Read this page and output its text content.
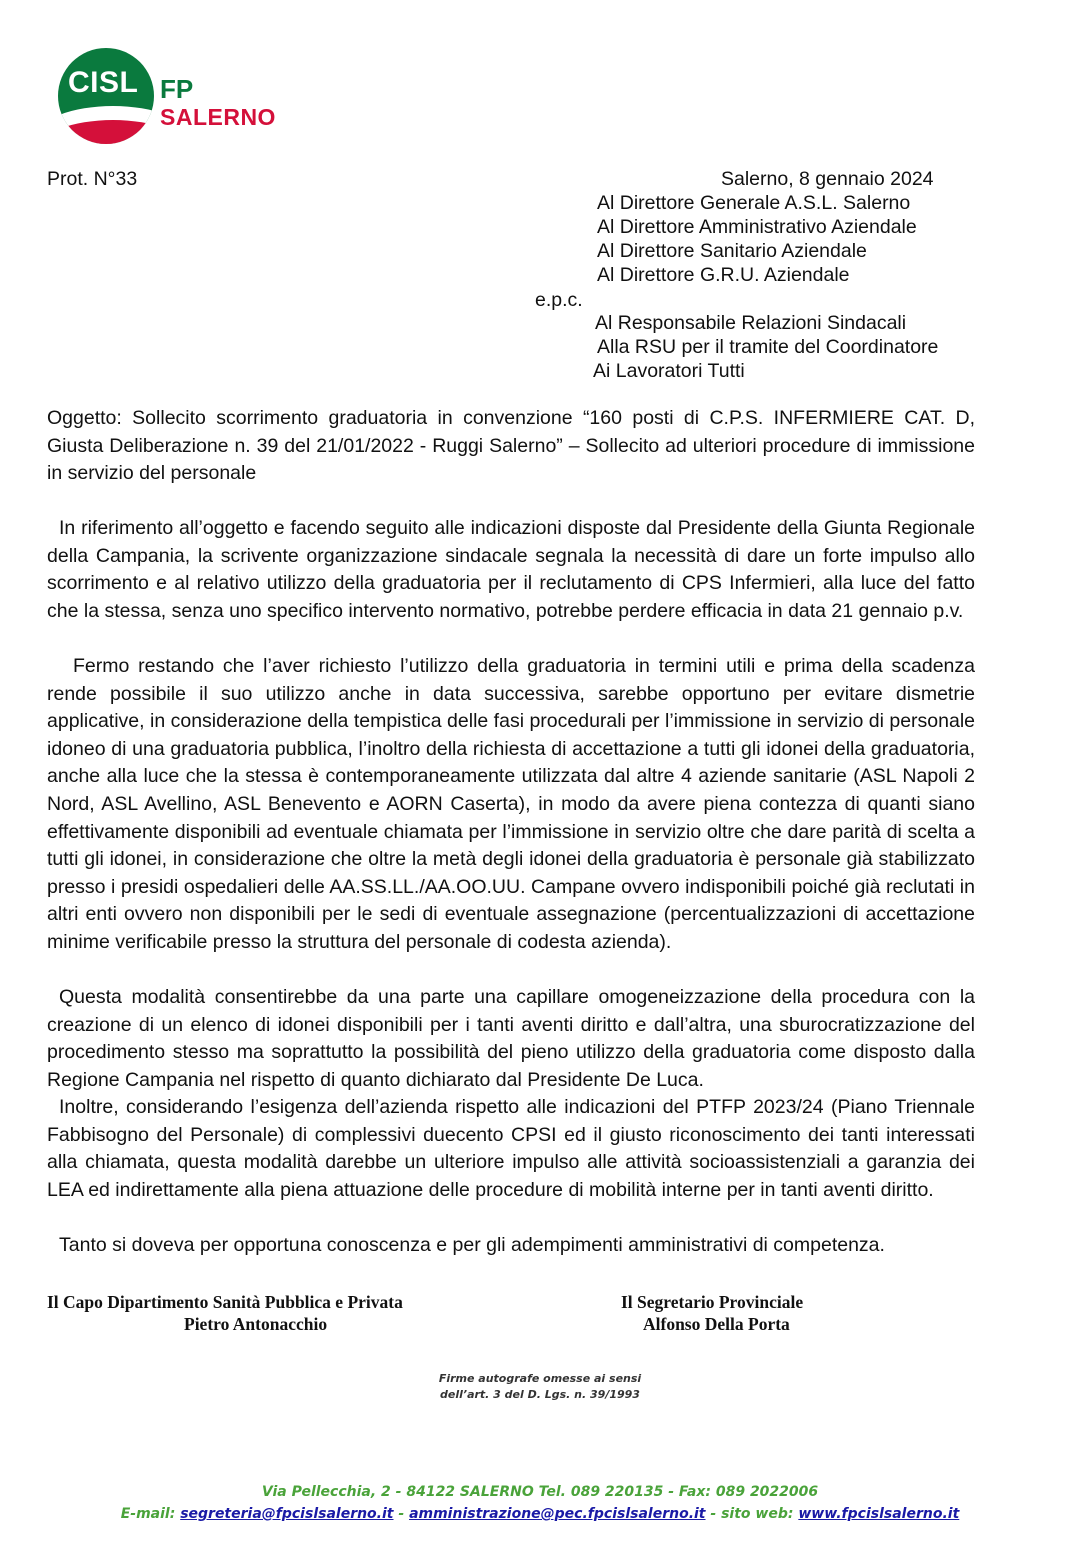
CISL FP
SALERNO
Prot. N°33	Salerno, 8 gennaio 2024
Al Direttore Generale A.S.L. Salerno
Al Direttore Amministrativo Aziendale
Al Direttore Sanitario Aziendale
Al Direttore G.R.U. Aziendale
e.p.c.
Al Responsabile Relazioni Sindacali
Alla RSU per il tramite del Coordinatore
Ai Lavoratori Tutti
Oggetto: Sollecito scorrimento graduatoria in convenzione “160 posti di C.P.S. INFERMIERE CAT. D, Giusta Deliberazione n. 39 del 21/01/2022 - Ruggi Salerno” – Sollecito ad ulteriori procedure di immissione in servizio del personale
In riferimento all’oggetto e facendo seguito alle indicazioni disposte dal Presidente della Giunta Regionale della Campania, la scrivente organizzazione sindacale segnala la necessità di dare un forte impulso allo scorrimento e al relativo utilizzo della graduatoria per il reclutamento di CPS Infermieri, alla luce del fatto che la stessa, senza uno specifico intervento normativo, potrebbe perdere efficacia in data 21 gennaio p.v.
Fermo restando che l’aver richiesto l’utilizzo della graduatoria in termini utili e prima della scadenza rende possibile il suo utilizzo anche in data successiva, sarebbe opportuno per evitare dismetrie applicative, in considerazione della tempistica delle fasi procedurali per l’immissione in servizio di personale idoneo di una graduatoria pubblica, l’inoltro della richiesta di accettazione a tutti gli idonei della graduatoria, anche alla luce che la stessa è contemporaneamente utilizzata dal altre 4 aziende sanitarie (ASL Napoli 2 Nord, ASL Avellino, ASL Benevento e AORN Caserta), in modo da avere piena contezza di quanti siano effettivamente disponibili ad eventuale chiamata per l’immissione in servizio oltre che dare parità di scelta a tutti gli idonei, in considerazione che oltre la metà degli idonei della graduatoria è personale già stabilizzato presso i presidi ospedalieri delle AA.SS.LL./AA.OO.UU. Campane ovvero indisponibili poiché già reclutati in altri enti ovvero non disponibili per le sedi di eventuale assegnazione (percentualizzazioni di accettazione minime verificabile presso la struttura del personale di codesta azienda).
Questa modalità consentirebbe da una parte una capillare omogeneizzazione della procedura con la creazione di un elenco di idonei disponibili per i tanti aventi diritto e dall’altra, una sburocratizzazione del procedimento stesso ma soprattutto la possibilità del pieno utilizzo della graduatoria come disposto dalla Regione Campania nel rispetto di quanto dichiarato dal Presidente De Luca.
Inoltre, considerando l’esigenza dell’azienda rispetto alle indicazioni del PTFP 2023/24 (Piano Triennale Fabbisogno del Personale) di complessivi duecento CPSI ed il giusto riconoscimento dei tanti interessati alla chiamata, questa modalità darebbe un ulteriore impulso alle attività socioassistenziali a garanzia dei LEA ed indirettamente alla piena attuazione delle procedure di mobilità interne per in tanti aventi diritto.
Tanto si doveva per opportuna conoscenza e per gli adempimenti amministrativi di competenza.
Il Capo Dipartimento Sanità Pubblica e Privata
Pietro Antonacchio
Il Segretario Provinciale
Alfonso Della Porta
Firme autografe omesse ai sensi
dell’art. 3 del D. Lgs. n. 39/1993
Via Pellecchia, 2 - 84122 SALERNO Tel. 089 220135 - Fax: 089 2022006
E-mail: segreteria@fpcislsalerno.it - amministrazione@pec.fpcislsalerno.it - sito web: www.fpcislsalerno.it
